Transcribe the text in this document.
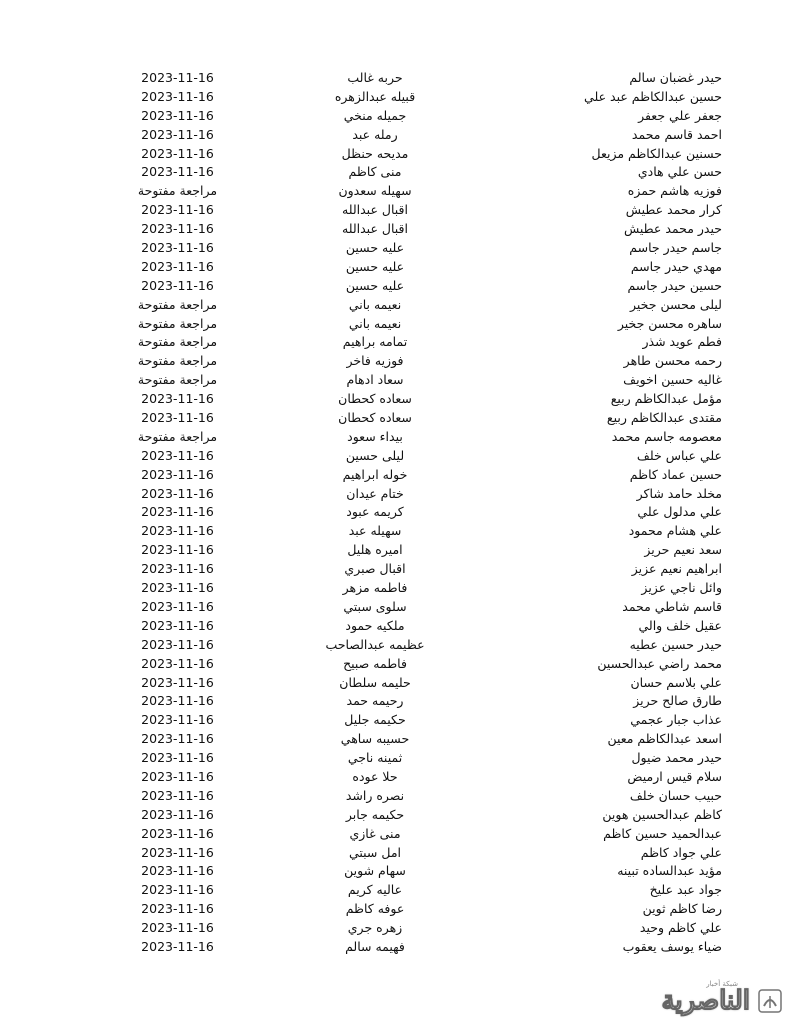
حيدر غضبان سالم
حربه غالب
2023-11-16
حسين عبدالكاظم عبد علي
قبيله عبدالزهره
2023-11-16
جعفر علي جعفر
جميله منخي
2023-11-16
احمد قاسم محمد
رمله عبد
2023-11-16
حسنين عبدالكاظم مزيعل
مديحه حنظل
2023-11-16
حسن علي هادي
منى كاظم
2023-11-16
فوزيه هاشم حمزه
سهيله سعدون
مراجعة مفتوحة
كرار محمد عطيش
اقبال عبدالله
2023-11-16
حيدر محمد عطيش
اقبال عبدالله
2023-11-16
جاسم حيدر جاسم
عليه حسين
2023-11-16
مهدي حيدر جاسم
عليه حسين
2023-11-16
حسين حيدر جاسم
عليه حسين
2023-11-16
ليلى محسن جخير
نعيمه باني
مراجعة مفتوحة
ساهره محسن جخير
نعيمه باني
مراجعة مفتوحة
فطم عويد شذر
تمامه براهيم
مراجعة مفتوحة
رحمه محسن طاهر
فوزيه فاخر
مراجعة مفتوحة
غاليه حسين اخويف
سعاد ادهام
مراجعة مفتوحة
مؤمل عبدالكاظم ربيع
سعاده كحطان
2023-11-16
مقتدى عبدالكاظم ربيع
سعاده كحطان
2023-11-16
معصومه جاسم محمد
بيداء سعود
مراجعة مفتوحة
علي عباس خلف
ليلى حسين
2023-11-16
حسين عماد كاظم
خوله ابراهيم
2023-11-16
مخلد حامد شاكر
ختام عيدان
2023-11-16
علي مدلول علي
كريمه عبود
2023-11-16
علي هشام محمود
سهيله عبد
2023-11-16
سعد نعيم حريز
اميره هليل
2023-11-16
ابراهيم نعيم عزيز
اقبال صبري
2023-11-16
وائل ناجي عزيز
فاطمه مزهر
2023-11-16
قاسم شاطي محمد
سلوى سبتي
2023-11-16
عقيل خلف والي
ملكيه حمود
2023-11-16
حيدر حسين عطيه
عظيمه عبدالصاحب
2023-11-16
محمد راضي عبدالحسين
فاطمه صبيح
2023-11-16
علي بلاسم حسان
حليمه سلطان
2023-11-16
طارق صالح حريز
رحيمه حمد
2023-11-16
عذاب جبار عجمي
حكيمه جليل
2023-11-16
اسعد عبدالكاظم معين
حسيبه ساهي
2023-11-16
حيدر محمد ضيول
ثمينه ناجي
2023-11-16
سلام قيس ارميض
حلا عوده
2023-11-16
حبيب حسان خلف
نصره راشد
2023-11-16
كاظم عبدالحسين هوين
حكيمه جابر
2023-11-16
عبدالحميد حسين كاظم
منى غازي
2023-11-16
علي جواد كاظم
امل سبتي
2023-11-16
مؤيد عبدالساده تبينه
سهام شوين
2023-11-16
جواد عبد عليخ
عاليه كريم
2023-11-16
رضا كاظم ثوين
عوفه كاظم
2023-11-16
علي كاظم وحيد
زهره جري
2023-11-16
ضياء يوسف يعقوب
فهيمه سالم
2023-11-16
شبكة أخبار
الناصرية
